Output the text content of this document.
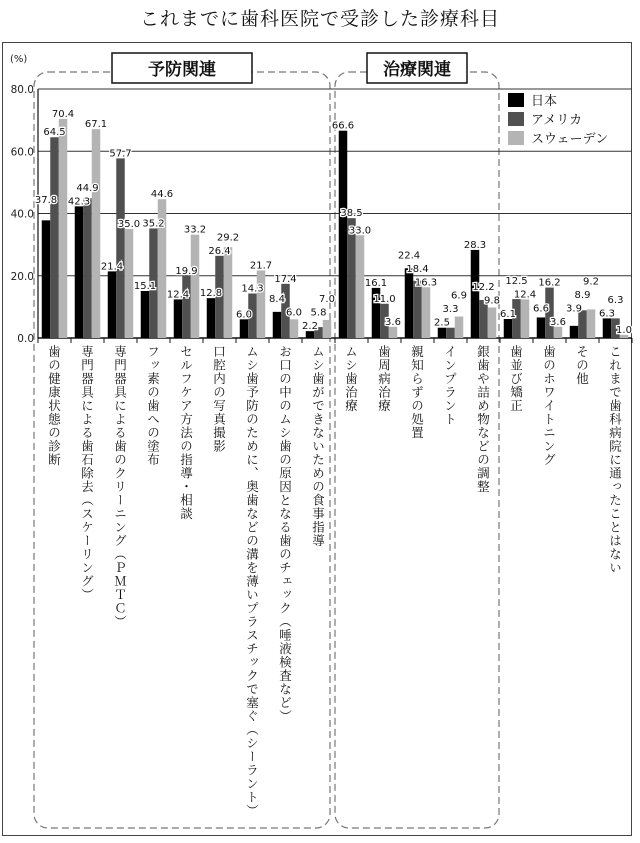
これまでに歯科医院で受診した診療科目
予防関連	治療関連
0.0
20.0
40.0
60.0
80.0
(%)
日本
アメリカ
スウェーデン
37.8
64.5
70.4
42.3
44.9
67.1
21.4
57.7
35.0
15.1
35.2
44.6
12.4
19.9
33.2
12.8
26.4
29.2
6.0
14.3
21.7
8.4
17.4
6.0
2.2
5.8
7.0
66.6
38.5
33.0
16.1
11.0
3.6
22.4
18.4
16.3
2.5
3.3
6.9
28.3
12.2
9.8
6.1
12.5
12.4
6.6
16.2
3.6
3.9
8.9
9.2
6.3
6.3
1.0
歯の健康状態の診断 専門器具による歯石除去（スケーリング） 専門器具による歯のクリーニング（ＰＭＴＣ） フッ素の歯への塗布 セルフケア方法の指導・相談 口腔内の写真撮影 ムシ歯予防のために、奥歯などの溝を薄いプラスチックで塞ぐ（シーラント） お口の中のムシ歯の原因となる歯のチェック（唾液検査など） ムシ歯ができないための食事指導 ムシ歯治療 歯周病治療 親知らずの処置 インプラント 銀歯や詰め物などの調整 歯並び矯正 歯のホワイトニング その他 これまで歯科病院に通ったことはない
